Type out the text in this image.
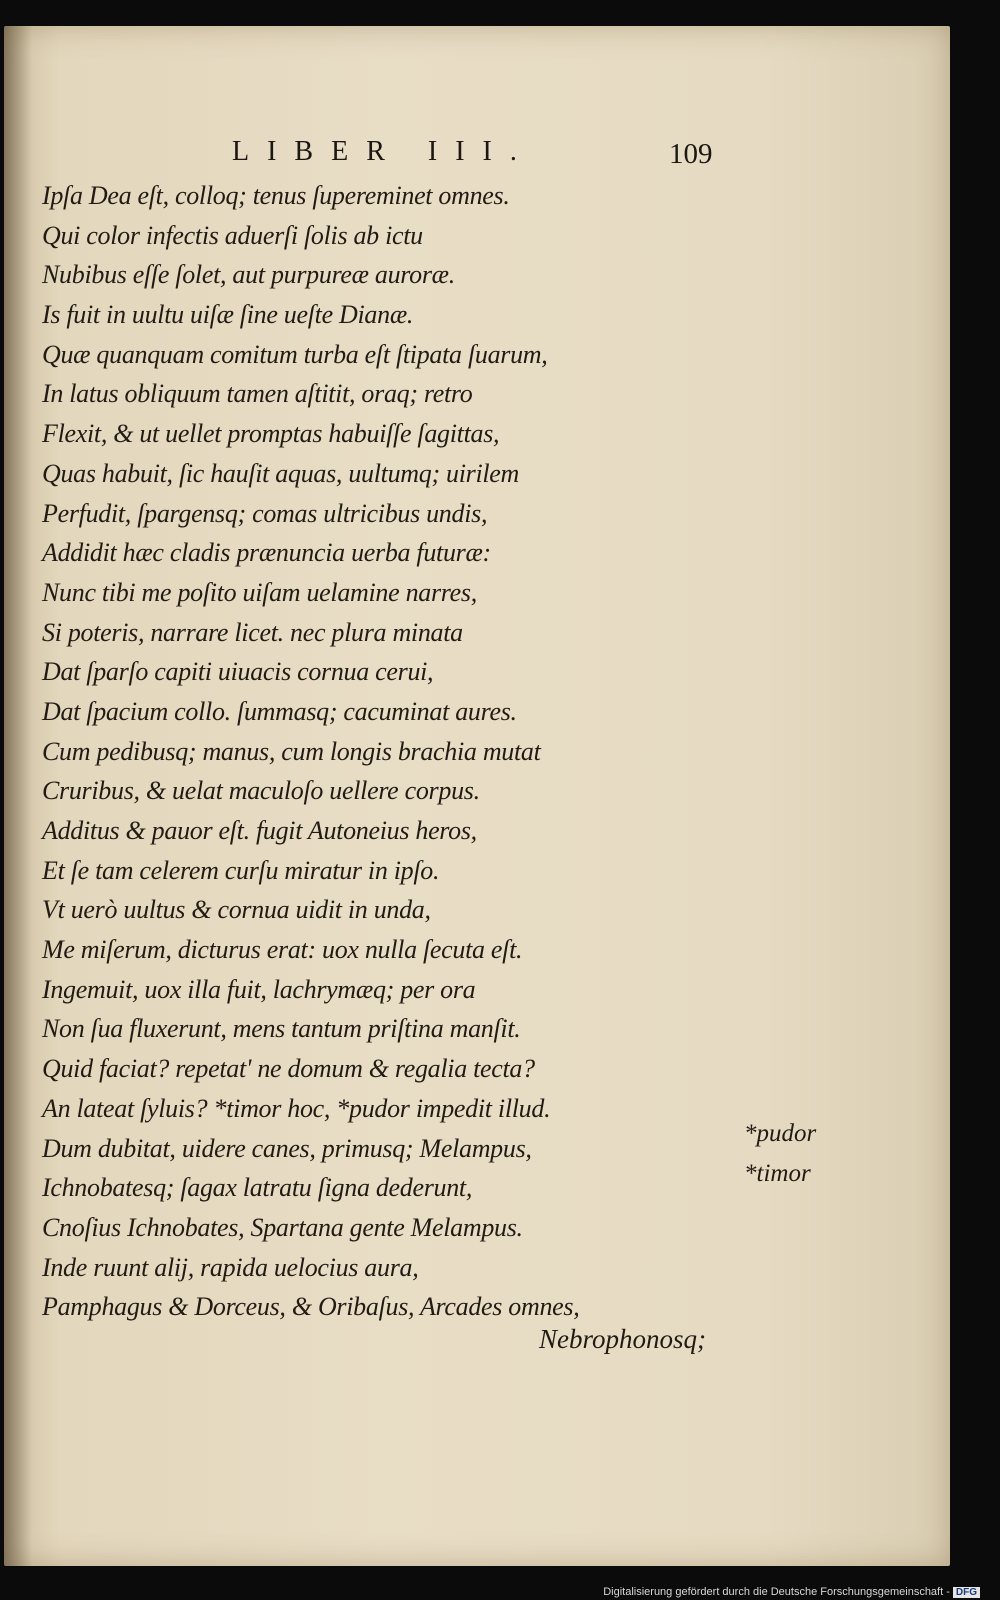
LIBER III.	109
Ipſa Dea eſt, colloq; tenus ſupereminet omnes.
Qui color infectis aduerſi ſolis ab ictu
Nubibus eſſe ſolet, aut purpureæ auroræ.
Is fuit in uultu uiſæ ſine ueſte Dianæ.
Quæ quanquam comitum turba eſt ſtipata ſuarum,
In latus obliquum tamen aſtitit, oraq; retro
Flexit, & ut uellet promptas habuiſſe ſagittas,
Quas habuit, ſic hauſit aquas, uultumq; uirilem
Perfudit, ſpargensq; comas ultricibus undis,
Addidit hæc cladis prænuncia uerba futuræ:
Nunc tibi me poſito uiſam uelamine narres,
Si poteris, narrare licet. nec plura minata
Dat ſparſo capiti uiuacis cornua cerui,
Dat ſpacium collo. ſummasq; cacuminat aures.
Cum pedibusq; manus, cum longis brachia mutat
Cruribus, & uelat maculoſo uellere corpus.
Additus & pauor eſt. fugit Autoneius heros,
Et ſe tam celerem curſu miratur in ipſo.
Vt uerò uultus & cornua uidit in unda,
Me miſerum, dicturus erat: uox nulla ſecuta eſt.
Ingemuit, uox illa fuit, lachrymæq; per ora
Non ſua fluxerunt, mens tantum priſtina manſit.
Quid faciat? repetat' ne domum & regalia tecta?
An lateat ſyluis? *timor hoc, *pudor impedit illud.
Dum dubitat, uidere canes, primusq; Melampus,
Ichnobatesq; ſagax latratu ſigna dederunt,
Cnoſius Ichnobates, Spartana gente Melampus.
Inde ruunt alij, rapida uelocius aura,
Pamphagus & Dorceus, & Oribaſus, Arcades omnes,
*pudor
*timor
Nebrophonosq;
Digitalisierung gefördert durch die Deutsche Forschungsgemeinschaft - DFG
